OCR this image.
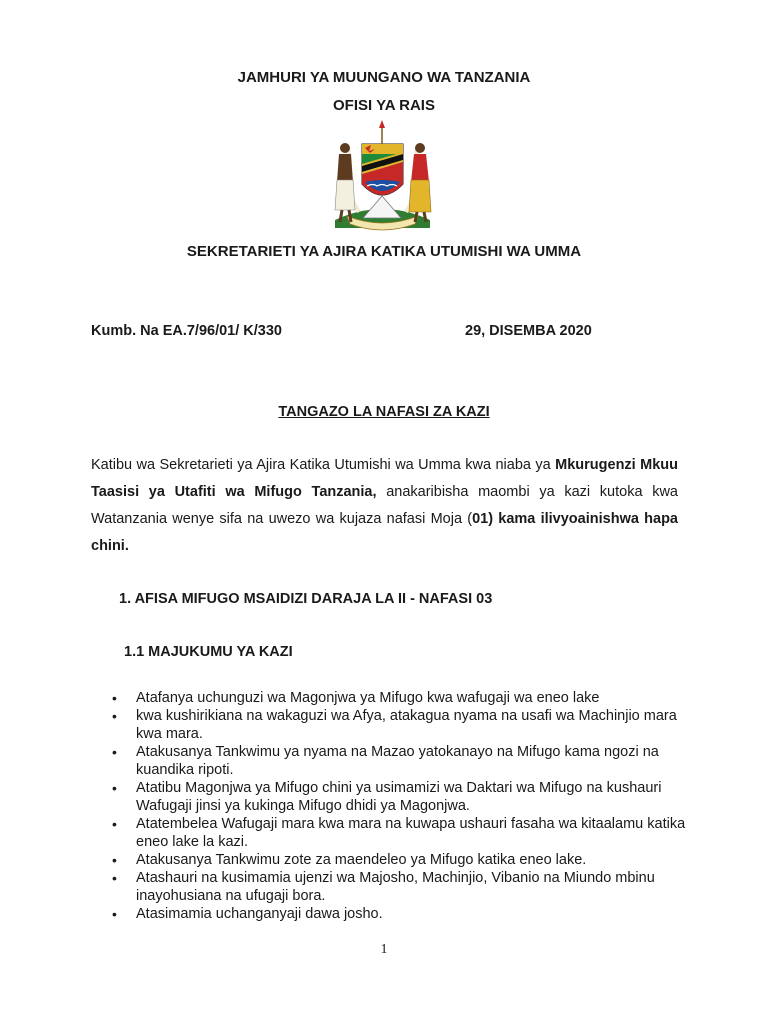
JAMHURI YA MUUNGANO WA TANZANIA
OFISI YA RAIS
SEKRETARIETI YA AJIRA KATIKA UTUMISHI WA UMMA
Kumb. Na EA.7/96/01/ K/330	29, DISEMBA 2020
TANGAZO LA NAFASI ZA KAZI
Katibu wa Sekretarieti ya Ajira Katika Utumishi wa Umma kwa niaba ya Mkurugenzi Mkuu Taasisi ya Utafiti wa Mifugo Tanzania, anakaribisha maombi ya kazi kutoka kwa Watanzania wenye sifa na uwezo wa kujaza nafasi Moja (01) kama ilivyoainishwa hapa chini.
1. AFISA MIFUGO MSAIDIZI DARAJA LA II - NAFASI 03
1.1 MAJUKUMU YA KAZI
• Atafanya uchunguzi wa Magonjwa ya Mifugo kwa wafugaji wa eneo lake
• kwa kushirikiana na wakaguzi wa Afya, atakagua nyama na usafi wa Machinjio mara kwa mara.
• Atakusanya Tankwimu ya nyama na Mazao yatokanayo na Mifugo kama ngozi na kuandika ripoti.
• Atatibu Magonjwa ya Mifugo chini ya usimamizi wa Daktari wa Mifugo na kushauri Wafugaji jinsi ya kukinga Mifugo dhidi ya Magonjwa.
• Atatembelea Wafugaji mara kwa mara na kuwapa ushauri fasaha wa kitaalamu katika eneo lake la kazi.
• Atakusanya Tankwimu zote za maendeleo ya Mifugo katika eneo lake.
• Atashauri na kusimamia ujenzi wa Majosho, Machinjio, Vibanio na Miundo mbinu inayohusiana na ufugaji bora.
• Atasimamia uchanganyaji dawa josho.
1
